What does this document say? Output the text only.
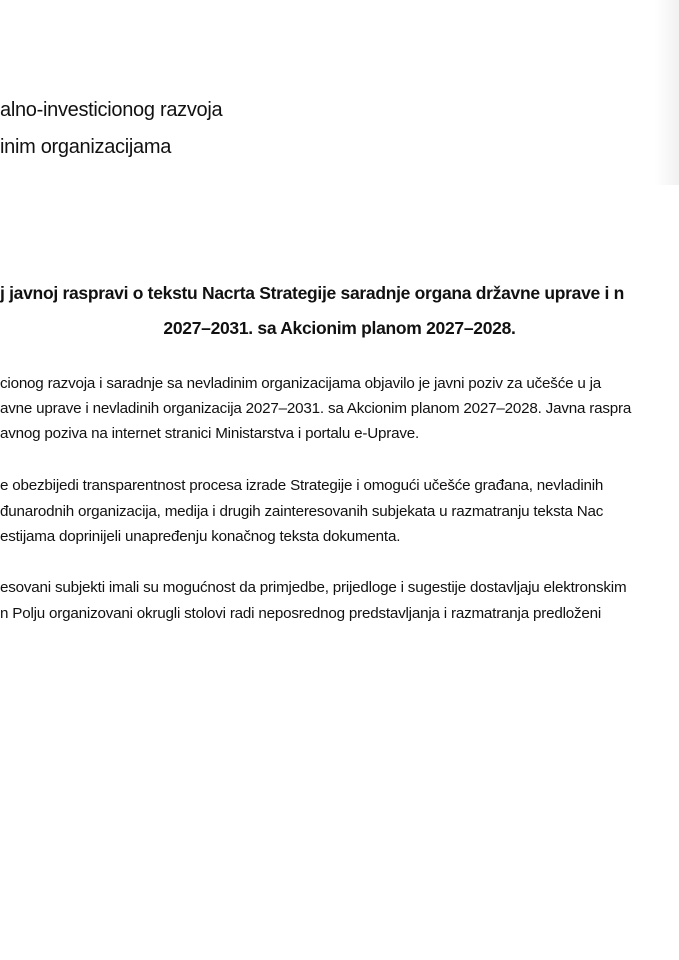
alno-investicionog razvoja
inim organizacijama
j javnoj raspravi o tekstu Nacrta Strategije saradnje organa državne uprave i n
2027–2031. sa Akcionim planom 2027–2028.
cionog razvoja i saradnje sa nevladinim organizacijama objavilo je javni poziv za učešće u ja
avne uprave i nevladinih organizacija 2027–2031. sa Akcionim planom 2027–2028. Javna raspra
avnog poziva na internet stranici Ministarstva i portalu e-Uprave.
e obezbijedi transparentnost procesa izrade Strategije i omogući učešće građana, nevladinih
đunarodnih organizacija, medija i drugih zainteresovanih subjekata u razmatranju teksta Nac
estijama doprinijeli unapređenju konačnog teksta dokumenta.
esovani subjekti imali su mogućnost da primjedbe, prijedloge i sugestije dostavljaju elektronskim
n Polju organizovani okrugli stolovi radi neposrednog predstavljanja i razmatranja predloženi
